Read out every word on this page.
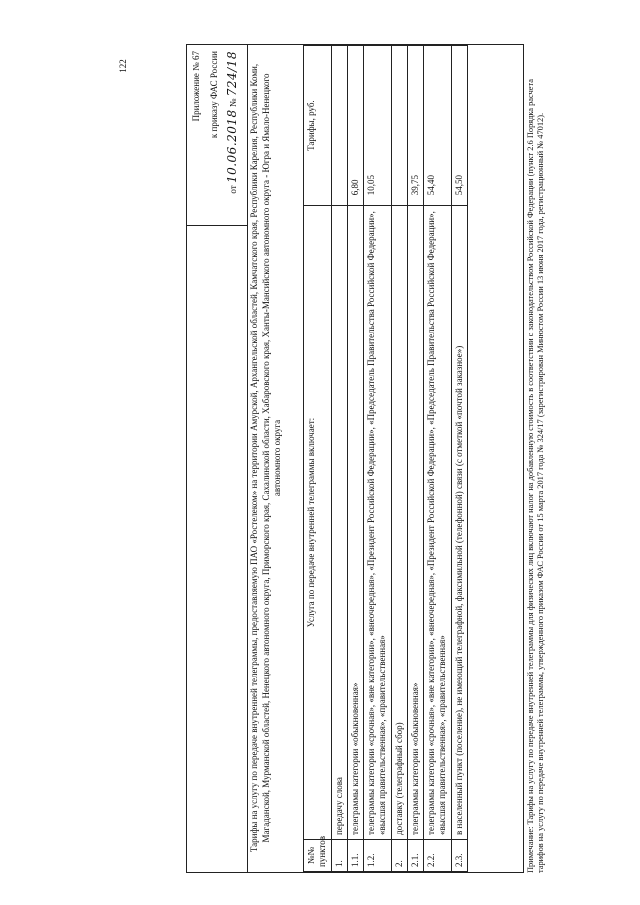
122	Приложение № 67 к приказу ФАС России
от 10.06.2018 № 724/18 Тарифы на услугу по передаче внутренней телеграммы, предоставляемую ПАО «Ростелеком» на территории Амурской, Архангельской областей, Камчатского края, Республики Карелия, Республики Коми, Магаданской, Мурманской областей, Ненецкого автономного округа, Приморского края, Сахалинской области, Хабаровского края, Ханты-Мансийского автономного округа - Югра и Ямало-Ненецкого автономного округа
№№ пунктов	Услуга по передаче внутренней телеграммы включает:	Тарифы, руб.
1.	передачу слова	
1.1.	телеграммы категории «обыкновенная»	6,80
1.2.	телеграммы категории «срочная», «вне категории», «внеочередная», «Президент Российской Федерации», «Председатель Правительства Российской Федерации», «высшая правительственная», «правительственная»	10,05
2.	доставку (телеграфный сбор)	
2.1.	телеграммы категории «обыкновенная»	39,75
2.2.	телеграммы категории «срочная», «вне категории», «внеочередная», «Президент Российской Федерации», «Председатель Правительства Российской Федерации», «высшая правительственная», «правительственная»	54,40
2.3.	в населенный пункт (поселение), не имеющий телеграфной, факсимильной (телефонной) связи (с отметкой «почтой заказное»)	54,50	Примечание: Тарифы на услугу по передаче внутренней телеграммы для физических лиц включают налог на добавленную стоимость в соответствии с законодательством Российской Федерации (пункт 2.6 Порядка расчета тарифов на услугу по передаче внутренней телеграммы, утвержденного приказом ФАС России от 15 марта 2017 года № 324/17 (зарегистрирован Минюстом России 13 июня 2017 года, регистрационный № 47012).
